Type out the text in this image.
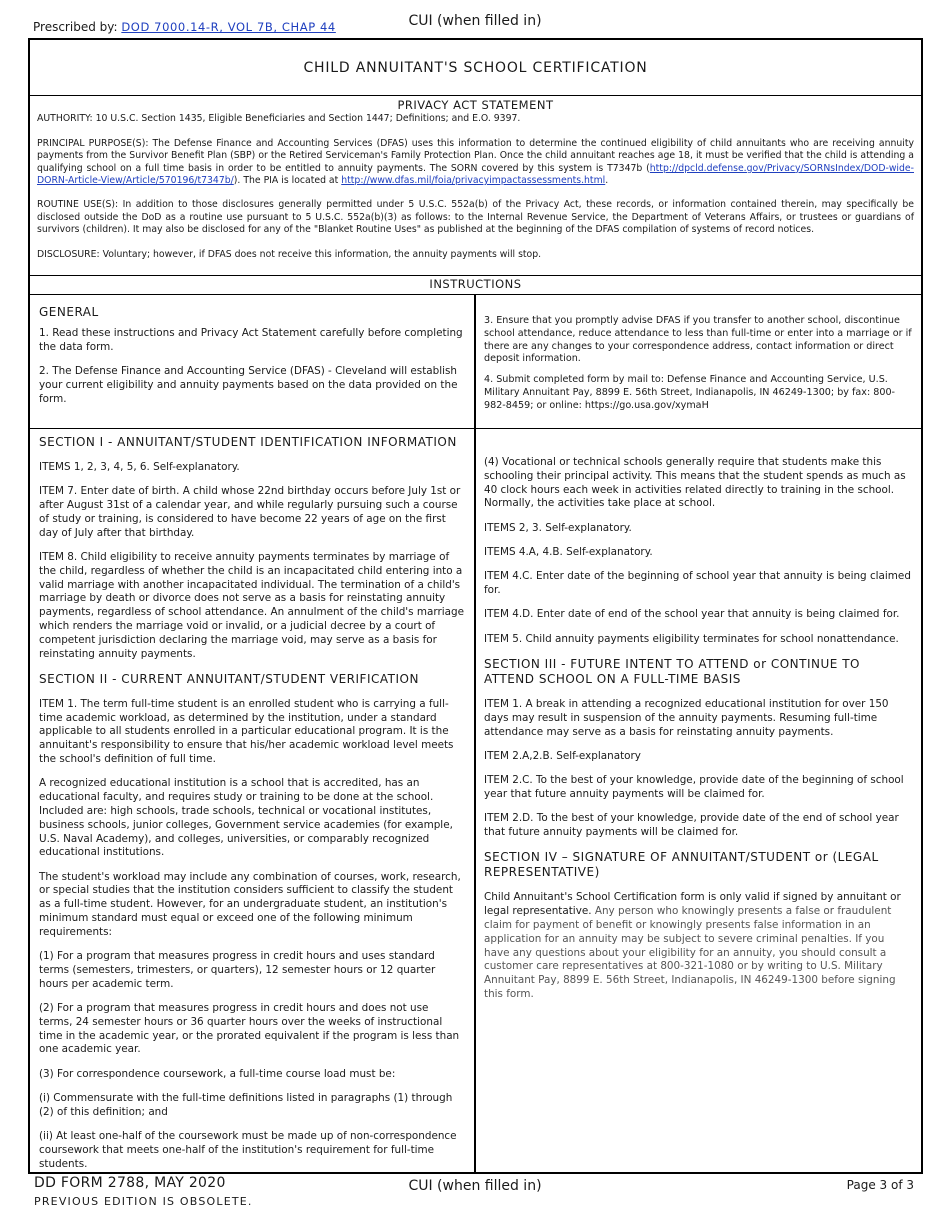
Prescribed by: DOD 7000.14-R, VOL 7B, CHAP 44	CUI (when filled in)
CHILD ANNUITANT'S SCHOOL CERTIFICATION
PRIVACY ACT STATEMENT

AUTHORITY: 10 U.S.C. Section 1435, Eligible Beneficiaries and Section 1447; Definitions; and E.O. 9397.

PRINCIPAL PURPOSE(S): The Defense Finance and Accounting Services (DFAS) uses this information to determine the continued eligibility of child annuitants who are receiving annuity payments from the Survivor Benefit Plan (SBP) or the Retired Serviceman's Family Protection Plan. Once the child annuitant reaches age 18, it must be verified that the child is attending a qualifying school on a full time basis in order to be entitled to annuity payments. The SORN covered by this system is T7347b (http://dpcld.defense.gov/Privacy/SORNsIndex/DOD-wide-DORN-Article-View/Article/570196/t7347b/). The PIA is located at http://www.dfas.mil/foia/privacyimpactassessments.html.

ROUTINE USE(S): In addition to those disclosures generally permitted under 5 U.S.C. 552a(b) of the Privacy Act, these records, or information contained therein, may specifically be disclosed outside the DoD as a routine use pursuant to 5 U.S.C. 552a(b)(3) as follows: to the Internal Revenue Service, the Department of Veterans Affairs, or trustees or guardians of survivors (children). It may also be disclosed for any of the "Blanket Routine Uses" as published at the beginning of the DFAS compilation of systems of record notices.

DISCLOSURE: Voluntary; however, if DFAS does not receive this information, the annuity payments will stop.

INSTRUCTIONS
GENERAL

1. Read these instructions and Privacy Act Statement carefully before completing the data form.

2. The Defense Finance and Accounting Service (DFAS) - Cleveland will establish your current eligibility and annuity payments based on the data provided on the form.

3. Ensure that you promptly advise DFAS if you transfer to another school, discontinue school attendance, reduce attendance to less than full-time or enter into a marriage or if there are any changes to your correspondence address, contact information or direct deposit information.

4. Submit completed form by mail to: Defense Finance and Accounting Service, U.S. Military Annuitant Pay, 8899 E. 56th Street, Indianapolis, IN 46249-1300; by fax: 800-982-8459; or online: https://go.usa.gov/xymaH

SECTION I - ANNUITANT/STUDENT IDENTIFICATION INFORMATION

ITEMS 1, 2, 3, 4, 5, 6. Self-explanatory.

ITEM 7. Enter date of birth. A child whose 22nd birthday occurs before July 1st or after August 31st of a calendar year, and while regularly pursuing such a course of study or training, is considered to have become 22 years of age on the first day of July after that birthday.

ITEM 8. Child eligibility to receive annuity payments terminates by marriage of the child, regardless of whether the child is an incapacitated child entering into a valid marriage with another incapacitated individual. The termination of a child's marriage by death or divorce does not serve as a basis for reinstating annuity payments, regardless of school attendance. An annulment of the child's marriage which renders the marriage void or invalid, or a judicial decree by a court of competent jurisdiction declaring the marriage void, may serve as a basis for reinstating annuity payments.

SECTION II - CURRENT ANNUITANT/STUDENT VERIFICATION

ITEM 1. The term full-time student is an enrolled student who is carrying a full-time academic workload, as determined by the institution, under a standard applicable to all students enrolled in a particular educational program. It is the annuitant's responsibility to ensure that his/her academic workload level meets the school's definition of full time.

A recognized educational institution is a school that is accredited, has an educational faculty, and requires study or training to be done at the school. Included are: high schools, trade schools, technical or vocational institutes, business schools, junior colleges, Government service academies (for example, U.S. Naval Academy), and colleges, universities, or comparably recognized educational institutions.

The student's workload may include any combination of courses, work, research, or special studies that the institution considers sufficient to classify the student as a full-time student. However, for an undergraduate student, an institution's minimum standard must equal or exceed one of the following minimum requirements:

(1) For a program that measures progress in credit hours and uses standard terms (semesters, trimesters, or quarters), 12 semester hours or 12 quarter hours per academic term.

(2) For a program that measures progress in credit hours and does not use terms, 24 semester hours or 36 quarter hours over the weeks of instructional time in the academic year, or the prorated equivalent if the program is less than one academic year.

(3) For correspondence coursework, a full-time course load must be:

(i) Commensurate with the full-time definitions listed in paragraphs (1) through (2) of this definition; and

(ii) At least one-half of the coursework must be made up of non-correspondence coursework that meets one-half of the institution's requirement for full-time students.

(4) Vocational or technical schools generally require that students make this schooling their principal activity. This means that the student spends as much as 40 clock hours each week in activities related directly to training in the school. Normally, the activities take place at school.

ITEMS 2, 3. Self-explanatory.

ITEMS 4.A, 4.B. Self-explanatory.

ITEM 4.C. Enter date of the beginning of school year that annuity is being claimed for.

ITEM 4.D. Enter date of end of the school year that annuity is being claimed for.

ITEM 5. Child annuity payments eligibility terminates for school nonattendance.

SECTION III - FUTURE INTENT TO ATTEND or CONTINUE TO ATTEND SCHOOL ON A FULL-TIME BASIS

ITEM 1. A break in attending a recognized educational institution for over 150 days may result in suspension of the annuity payments. Resuming full-time attendance may serve as a basis for reinstating annuity payments.

ITEM 2.A,2.B. Self-explanatory

ITEM 2.C. To the best of your knowledge, provide date of the beginning of school year that future annuity payments will be claimed for.

ITEM 2.D. To the best of your knowledge, provide date of the end of school year that future annuity payments will be claimed for.

SECTION IV – SIGNATURE OF ANNUITANT/STUDENT or (LEGAL REPRESENTATIVE)

Child Annuitant's School Certification form is only valid if signed by annuitant or legal representative. Any person who knowingly presents a false or fraudulent claim for payment of benefit or knowingly presents false information in an application for an annuity may be subject to severe criminal penalties. If you have any questions about your eligibility for an annuity, you should consult a customer care representatives at 800-321-1080 or by writing to U.S. Military Annuitant Pay, 8899 E. 56th Street, Indianapolis, IN 46249-1300 before signing this form.

DD FORM 2788, MAY 2020
PREVIOUS EDITION IS OBSOLETE.
CUI (when filled in)	Page 3 of 3
